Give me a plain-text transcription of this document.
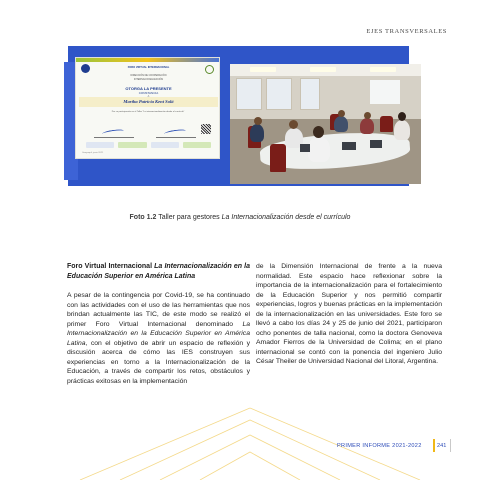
EJES TRANSVERSALES
FORO VIRTUAL INTERNACIONAL
DIRECCIÓN DE COOPERACIÓN
INTERNACIONALIZACIÓN
OTORGA LA PRESENTE
CONSTANCIA
Martha Patricia Kent Solá
Por su participación en el Taller “La internacionalización desde el currículo”
Guayaquil, junio 2021
Foto 1.2 Taller para gestores La Internacionalización desde el currículo
Foro Virtual Internacional La Internacionalización en la Educación Superior en América Latina

A pesar de la contingencia por Covid-19, se ha continuado con las actividades con el uso de las herramientas que nos brindan actualmente las TIC, de este modo se realizó el primer Foro Virtual Internacional denominado La Internacionalización en la Educación Superior en América Latina, con el objetivo de abrir un espacio de reflexión y discusión acerca de cómo las IES construyen sus experiencias en torno a la Internacionalización de la Educación, a través de compartir los retos, obstáculos y prácticas exitosas en la implementación

de la Dimensión Internacional de frente a la nueva normalidad. Este espacio hace reflexionar sobre la importancia de la internacionalización para el fortalecimiento de la Educación Superior y nos permitió compartir experiencias, logros y buenas prácticas en la implementación de la internacionalización en las universidades. Este foro se llevó a cabo los días 24 y 25 de junio del 2021, participaron ocho ponentes de talla nacional, como la doctora Genoveva Amador Fierros de la Universidad de Colima; en el plano internacional se contó con la ponencia del ingeniero Julio César Theiler de Universidad Nacional del Litoral, Argentina.

PRIMER INFORME 2021-2022	241
